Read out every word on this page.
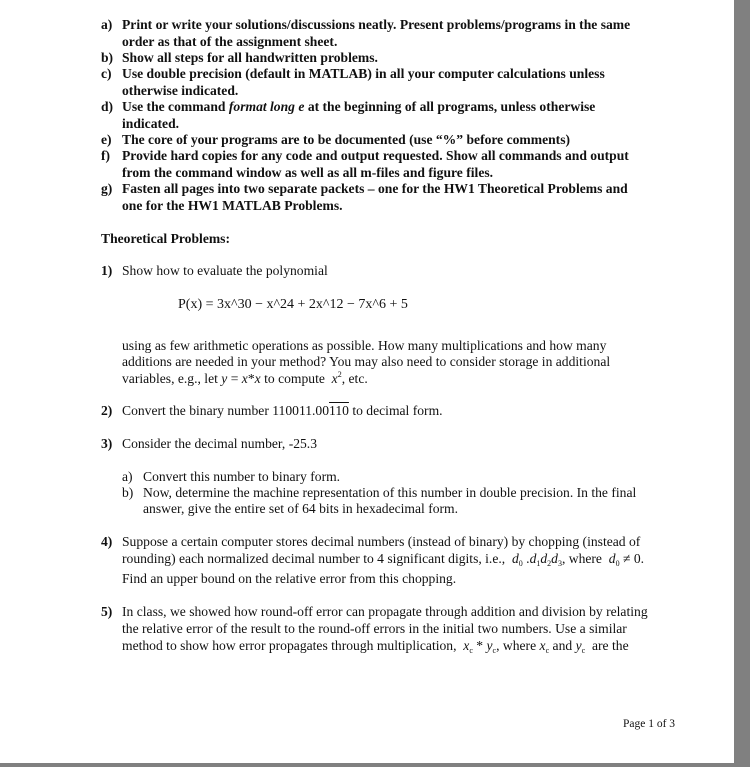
a) Print or write your solutions/discussions neatly. Present problems/programs in the same
order as that of the assignment sheet.
b) Show all steps for all handwritten problems.
c) Use double precision (default in MATLAB) in all your computer calculations unless
otherwise indicated.
d) Use the command format long e at the beginning of all programs, unless otherwise
indicated.
e) The core of your programs are to be documented (use “%” before comments)
f) Provide hard copies for any code and output requested. Show all commands and output
from the command window as well as all m-files and figure files.
g) Fasten all pages into two separate packets – one for the HW1 Theoretical Problems and
one for the HW1 MATLAB Problems.
Theoretical Problems:
1) Show how to evaluate the polynomial
P(x) = 3x^30 − x^24 + 2x^12 − 7x^6 + 5
using as few arithmetic operations as possible. How many multiplications and how many
additions are needed in your method? You may also need to consider storage in additional
variables, e.g., let y = x*x to compute $x^2$, etc.
2) Convert the binary number 110011.00110 to decimal form.
3) Consider the decimal number, -25.3
a) Convert this number to binary form.
b) Now, determine the machine representation of this number in double precision. In the final
answer, give the entire set of 64 bits in hexadecimal form.
4) Suppose a certain computer stores decimal numbers (instead of binary) by chopping (instead of
rounding) each normalized decimal number to 4 significant digits, i.e., $d_0$ $.d_1d_2d_3$, where $d_0 \ne 0$.
Find an upper bound on the relative error from this chopping.
5) In class, we showed how round-off error can propagate through addition and division by relating
the relative error of the result to the round-off errors in the initial two numbers. Use a similar
method to show how error propagates through multiplication, $x_c * y_c$, where $x_c$ and $y_c$ are the
Page 1 of 3
